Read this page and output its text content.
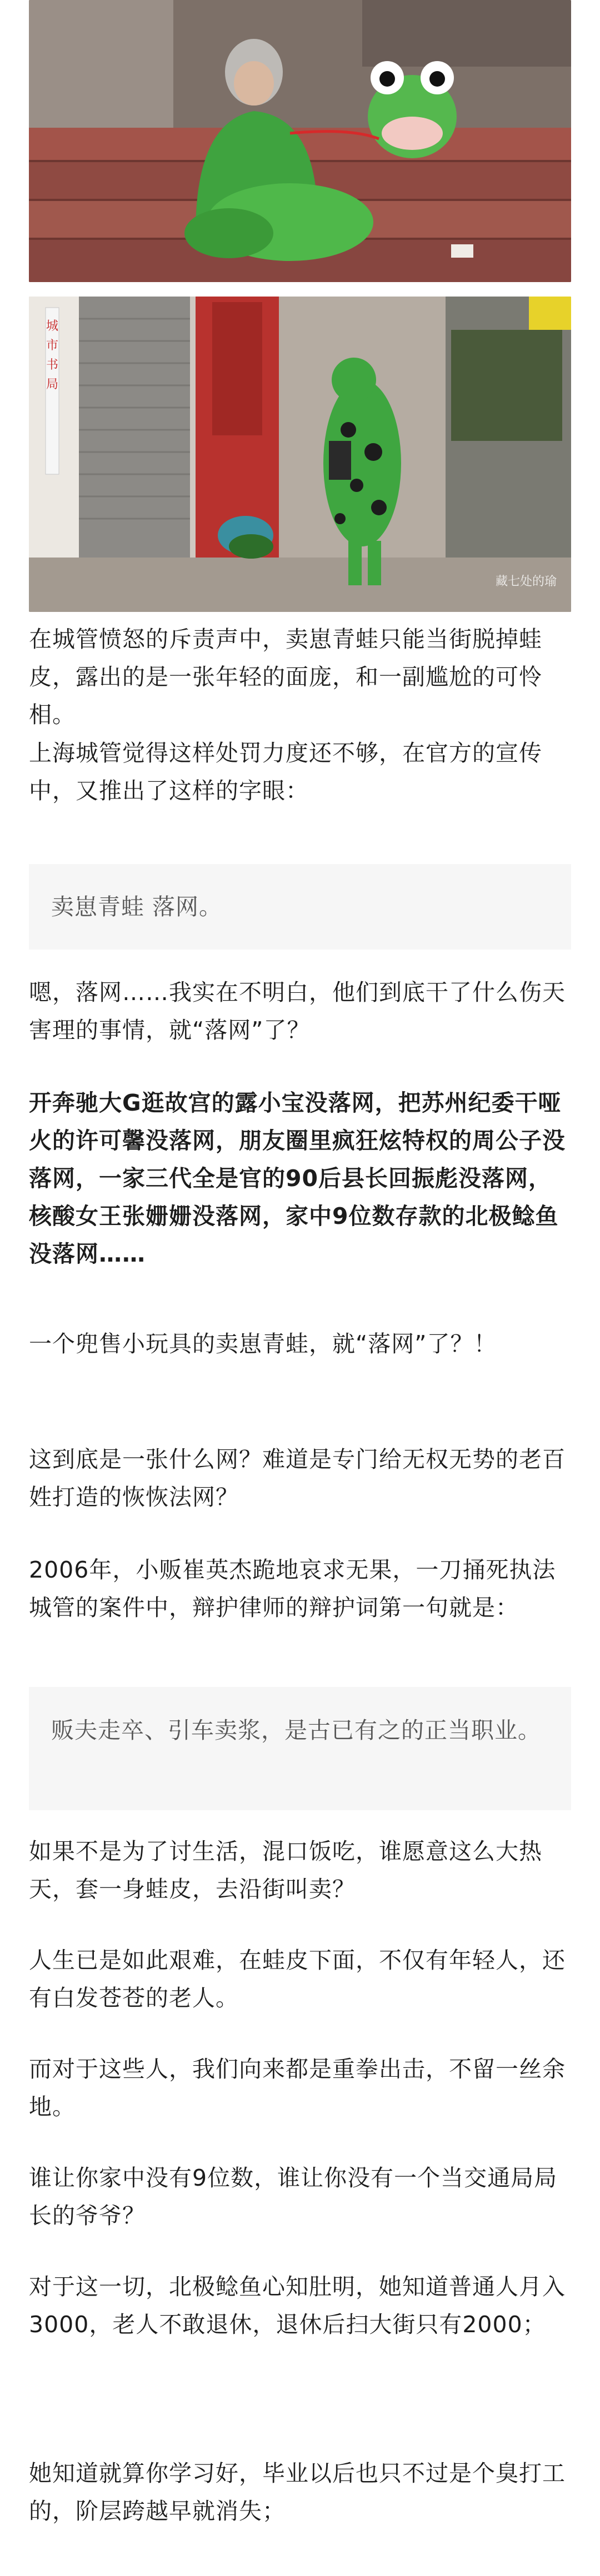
城
市
书
局
藏七处的瑜

在城管愤怒的斥责声中，卖崽青蛙只能当街脱掉蛙皮，露出的是一张年轻的面庞，和一副尴尬的可怜相。

上海城管觉得这样处罚力度还不够，在官方的宣传中，又推出了这样的字眼：

卖崽青蛙 落网。

嗯，落网……我实在不明白，他们到底干了什么伤天害理的事情，就“落网”了？

开奔驰大G逛故宫的露小宝没落网，把苏州纪委干哑火的许可馨没落网，朋友圈里疯狂炫特权的周公子没落网，一家三代全是官的90后县长回振彪没落网，核酸女王张姗姗没落网，家中9位数存款的北极鲶鱼没落网……

一个兜售小玩具的卖崽青蛙，就“落网”了？！

这到底是一张什么网？难道是专门给无权无势的老百姓打造的恢恢法网？

2006年，小贩崔英杰跪地哀求无果，一刀捅死执法城管的案件中，辩护律师的辩护词第一句就是：

贩夫走卒、引车卖浆，是古已有之的正当职业。

如果不是为了讨生活，混口饭吃，谁愿意这么大热天，套一身蛙皮，去沿街叫卖？

人生已是如此艰难，在蛙皮下面，不仅有年轻人，还有白发苍苍的老人。

而对于这些人，我们向来都是重拳出击，不留一丝余地。

谁让你家中没有9位数，谁让你没有一个当交通局局长的爷爷？

对于这一切，北极鲶鱼心知肚明，她知道普通人月入3000，老人不敢退休，退休后扫大街只有2000；

她知道就算你学习好，毕业以后也只不过是个臭打工的，阶层跨越早就消失；
